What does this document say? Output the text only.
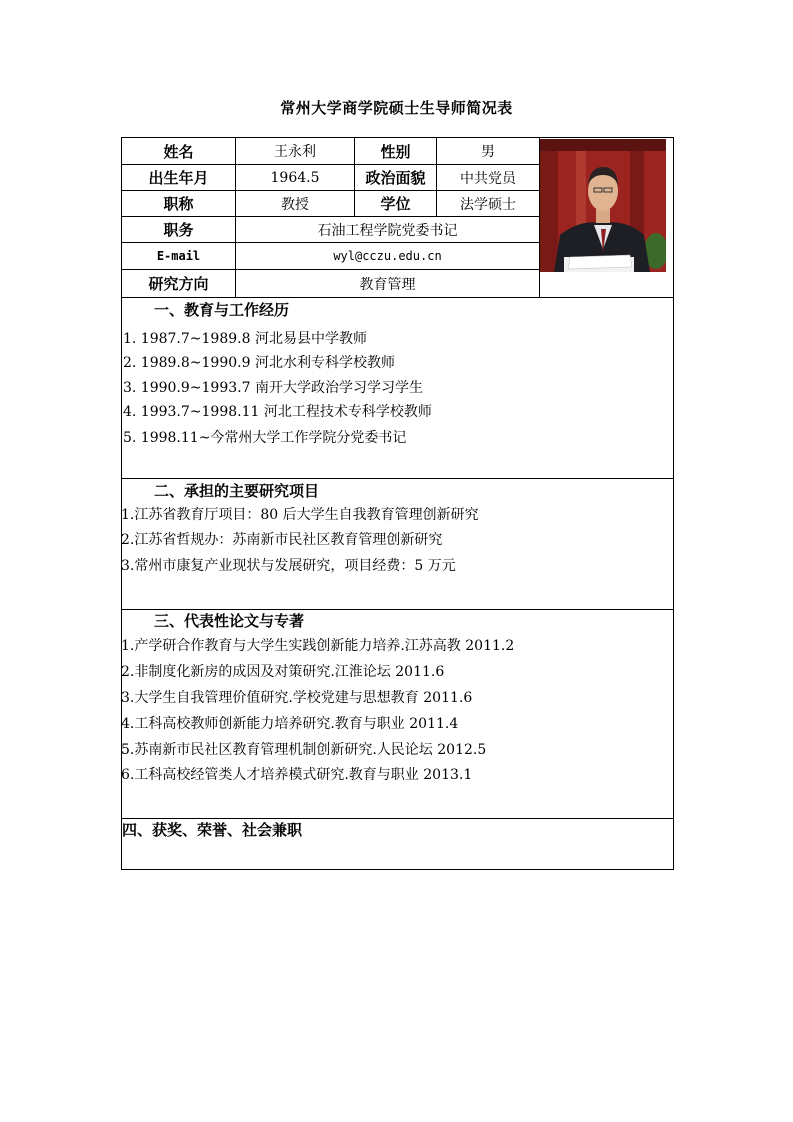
常州大学商学院硕士生导师简况表
姓名	王永利	性别	男
出生年月	1964.5	政治面貌	中共党员
职称	教授	学位	法学硕士
职务	石油工程学院党委书记
E-mail	wyl@cczu.edu.cn
研究方向	教育管理
一、教育与工作经历
1. 1987.7~1989.8 河北易县中学教师
2. 1989.8~1990.9 河北水利专科学校教师
3. 1990.9~1993.7 南开大学政治学习学习学生
4. 1993.7~1998.11 河北工程技术专科学校教师
5. 1998.11~今常州大学工作学院分党委书记
二、承担的主要研究项目
1.江苏省教育厅项目：80 后大学生自我教育管理创新研究
2.江苏省哲规办：苏南新市民社区教育管理创新研究
3.常州市康复产业现状与发展研究，项目经费：5 万元
三、代表性论文与专著
1.产学研合作教育与大学生实践创新能力培养.江苏高教 2011.2
2.非制度化新房的成因及对策研究.江淮论坛 2011.6
3.大学生自我管理价值研究.学校党建与思想教育 2011.6
4.工科高校教师创新能力培养研究.教育与职业 2011.4
5.苏南新市民社区教育管理机制创新研究.人民论坛 2012.5
6.工科高校经管类人才培养模式研究.教育与职业 2013.1
四、获奖、荣誉、社会兼职
